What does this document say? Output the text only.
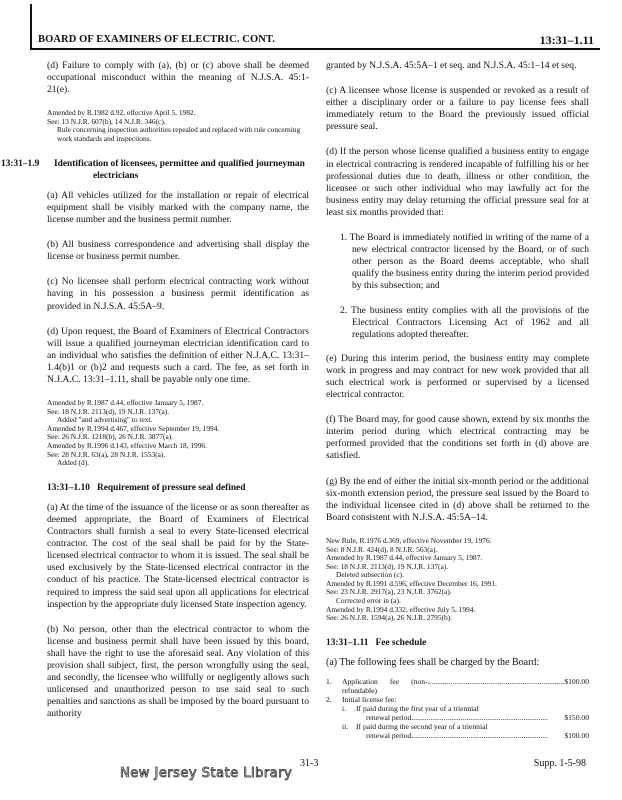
BOARD OF EXAMINERS OF ELECTRIC. CONT.	13:31–1.11

(d) Failure to comply with (a), (b) or (c) above shall be deemed occupational misconduct within the meaning of N.J.S.A. 45:1-21(e).

Amended by R.1982 d.92, effective April 5, 1982.
See: 13 N.J.R. 607(b), 14 N.J.R. 346(c).
Rule concerning inspection authorities repealed and replaced with rule concerning work standards and inspections.
13:31–1.9 Identification of licensees, permittee and qualified journeyman electricians

(a) All vehicles utilized for the installation or repair of electrical equipment shall be visibly marked with the company name, the license number and the business permit number.

(b) All business correspondence and advertising shall display the license or business permit number.

(c) No licensee shall perform electrical contracting work without having in his possession a business permit identification as provided in N.J.S.A. 45:5A–9.

(d) Upon request, the Board of Examiners of Electrical Contractors will issue a qualified journeyman electrician identification card to an individual who satisfies the definition of either N.J.A.C. 13:31–1.4(b)1 or (b)2 and requests such a card. The fee, as set forth in N.J.A.C. 13:31–1.11, shall be payable only one time.

Amended by R.1987 d.44, effective January 5, 1987.
See: 18 N.J.R. 2113(d), 19 N.J.R. 137(a).
Added "and advertising" to text.
Amended by R.1994 d.467, effective September 19, 1994.
See: 26 N.J.R. 1218(b), 26 N.J.R. 3877(a).
Amended by R.1996 d.143, effective March 18, 1996.
See: 28 N.J.R. 63(a), 28 N.J.R. 1553(a).
Added (d).
13:31–1.10 Requirement of pressure seal defined

(a) At the time of the issuance of the license or as soon thereafter as deemed appropriate, the Board of Examiners of Electrical Contractors shall furnish a seal to every State-licensed electrical contractor. The cost of the seal shall be paid for by the State-licensed electrical contractor to whom it is issued. The seal shall be used exclusively by the State-licensed electrical contractor in the conduct of his practice. The State-licensed electrical contractor is required to impress the said seal upon all applications for electrical inspection by the appropriate duly licensed State inspection agency.

(b) No person, other than the electrical contractor to whom the license and business permit shall have been issued by this board, shall have the right to use the aforesaid seal. Any violation of this provision shall subject, first, the person wrongfully using the seal, and secondly, the licensee who willfully or negligently allows such unlicensed and unauthorized person to use said seal to such penalties and sanctions as shall be imposed by the board pursuant to authority

granted by N.J.S.A. 45:5A–1 et seq. and N.J.S.A. 45:1–14 et seq.

(c) A licensee whose license is suspended or revoked as a result of either a disciplinary order or a failure to pay license fees shall immediately return to the Board the previously issued official pressure seal.

(d) If the person whose license qualified a business entity to engage in electrical contracting is rendered incapable of fulfilling his or her professional duties due to death, illness or other condition, the licensee or such other individual who may lawfully act for the business entity may delay returning the official pressure seal for at least six months provided that:

1. The Board is immediately notified in writing of the name of a new electrical contractor licensed by the Board, or of such other person as the Board deems acceptable, who shall qualify the business entity during the interim period provided by this subsection; and

2. The business entity complies with all the provisions of the Electrical Contractors Licensing Act of 1962 and all regulations adopted thereafter.

(e) During this interim period, the business entity may complete work in progress and may contract for new work provided that all such electrical work is performed or supervised by a licensed electrical contractor.

(f) The Board may, for good cause shown, extend by six months the interim period during which electrical contracting may be performed provided that the conditions set forth in (d) above are satisfied.

(g) By the end of either the initial six-month period or the additional six-month extension period, the pressure seal issued by the Board to the individual licensee cited in (d) above shall be returned to the Board consistent with N.J.S.A. 45:5A–14.

New Rule, R.1976 d.369, effective November 19, 1976.
See: 8 N.J.R. 424(d), 8 N.J.R. 563(a).
Amended by R.1987 d.44, effective January 5, 1987.
See: 18 N.J.R. 2113(d), 19 N.J.R. 137(a).
Deleted subsection (c).
Amended by R.1991 d.596, effective December 16, 1991.
See: 23 N.J.R. 2917(a), 23 N.J.R. 3762(a).
Corrected error in (a).
Amended by R.1994 d.332, effective July 5, 1994.
See: 26 N.J.R. 1594(a), 26 N.J.R. 2795(b).
13:31–1.11 Fee schedule

(a) The following fees shall be charged by the Board:

1.	Application fee (non-refundable)
........................................................................ $100.00
2.	Initial license fee:
i.	If paid during the first year of a triennial
renewal period ........................................................................	$150.00
ii.	If paid during the second year of a triennial
renewal period ........................................................................	$100.00
New Jersey State Library
31-3	Supp. 1-5-98
